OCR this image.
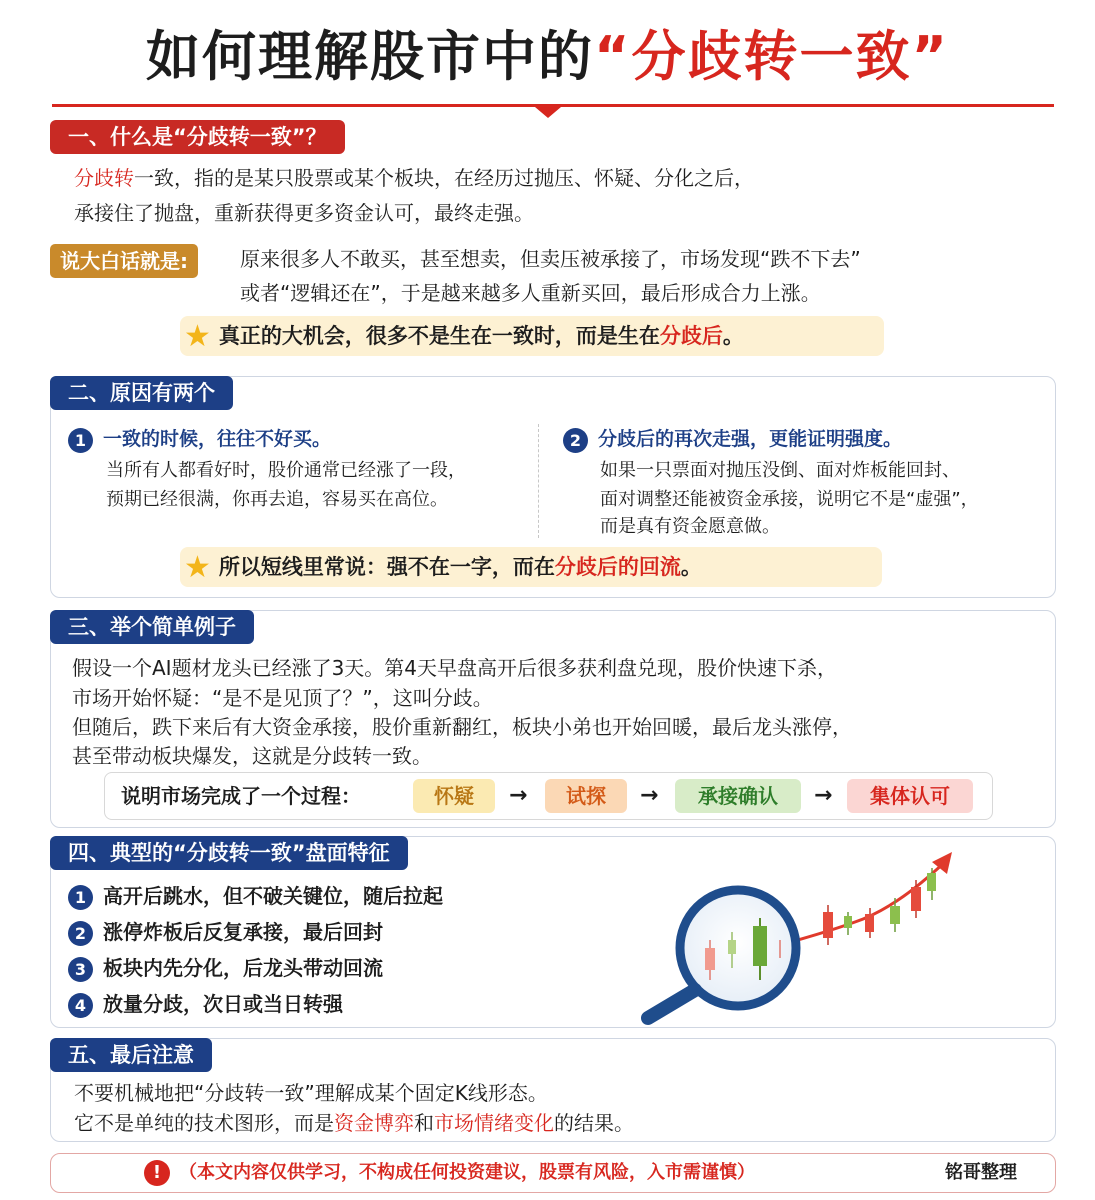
如何理解股市中的“分歧转一致”
一、什么是“分歧转一致”？
分歧转一致，指的是某只股票或某个板块，在经历过抛压、怀疑、分化之后，
承接住了抛盘，重新获得更多资金认可，最终走强。
说大白话就是:	原来很多人不敢买，甚至想卖，但卖压被承接了，市场发现“跌不下去”
或者“逻辑还在”，于是越来越多人重新买回，最后形成合力上涨。
★ 真正的大机会，很多不是生在一致时，而是生在分歧后。
二、原因有两个
1 一致的时候，往往不好买。
当所有人都看好时，股价通常已经涨了一段，
预期已经很满，你再去追，容易买在高位。
2 分歧后的再次走强，更能证明强度。
如果一只票面对抛压没倒、面对炸板能回封、
面对调整还能被资金承接，说明它不是“虚强”，
而是真有资金愿意做。
★ 所以短线里常说：强不在一字，而在分歧后的回流。
三、举个简单例子
假设一个AI题材龙头已经涨了3天。第4天早盘高开后很多获利盘兑现，股价快速下杀，
市场开始怀疑：“是不是见顶了？”，这叫分歧。
但随后，跌下来后有大资金承接，股价重新翻红，板块小弟也开始回暖，最后龙头涨停，
甚至带动板块爆发，这就是分歧转一致。
说明市场完成了一个过程：	怀疑	→	试探	→	承接确认	→	集体认可
四、典型的“分歧转一致”盘面特征
1 高开后跳水，但不破关键位，随后拉起
2 涨停炸板后反复承接，最后回封
3 板块内先分化，后龙头带动回流
4 放量分歧，次日或当日转强
五、最后注意
不要机械地把“分歧转一致”理解成某个固定K线形态。
它不是单纯的技术图形，而是资金博弈和市场情绪变化的结果。
! （本文内容仅供学习，不构成任何投资建议，股票有风险，入市需谨慎）	铭哥整理
